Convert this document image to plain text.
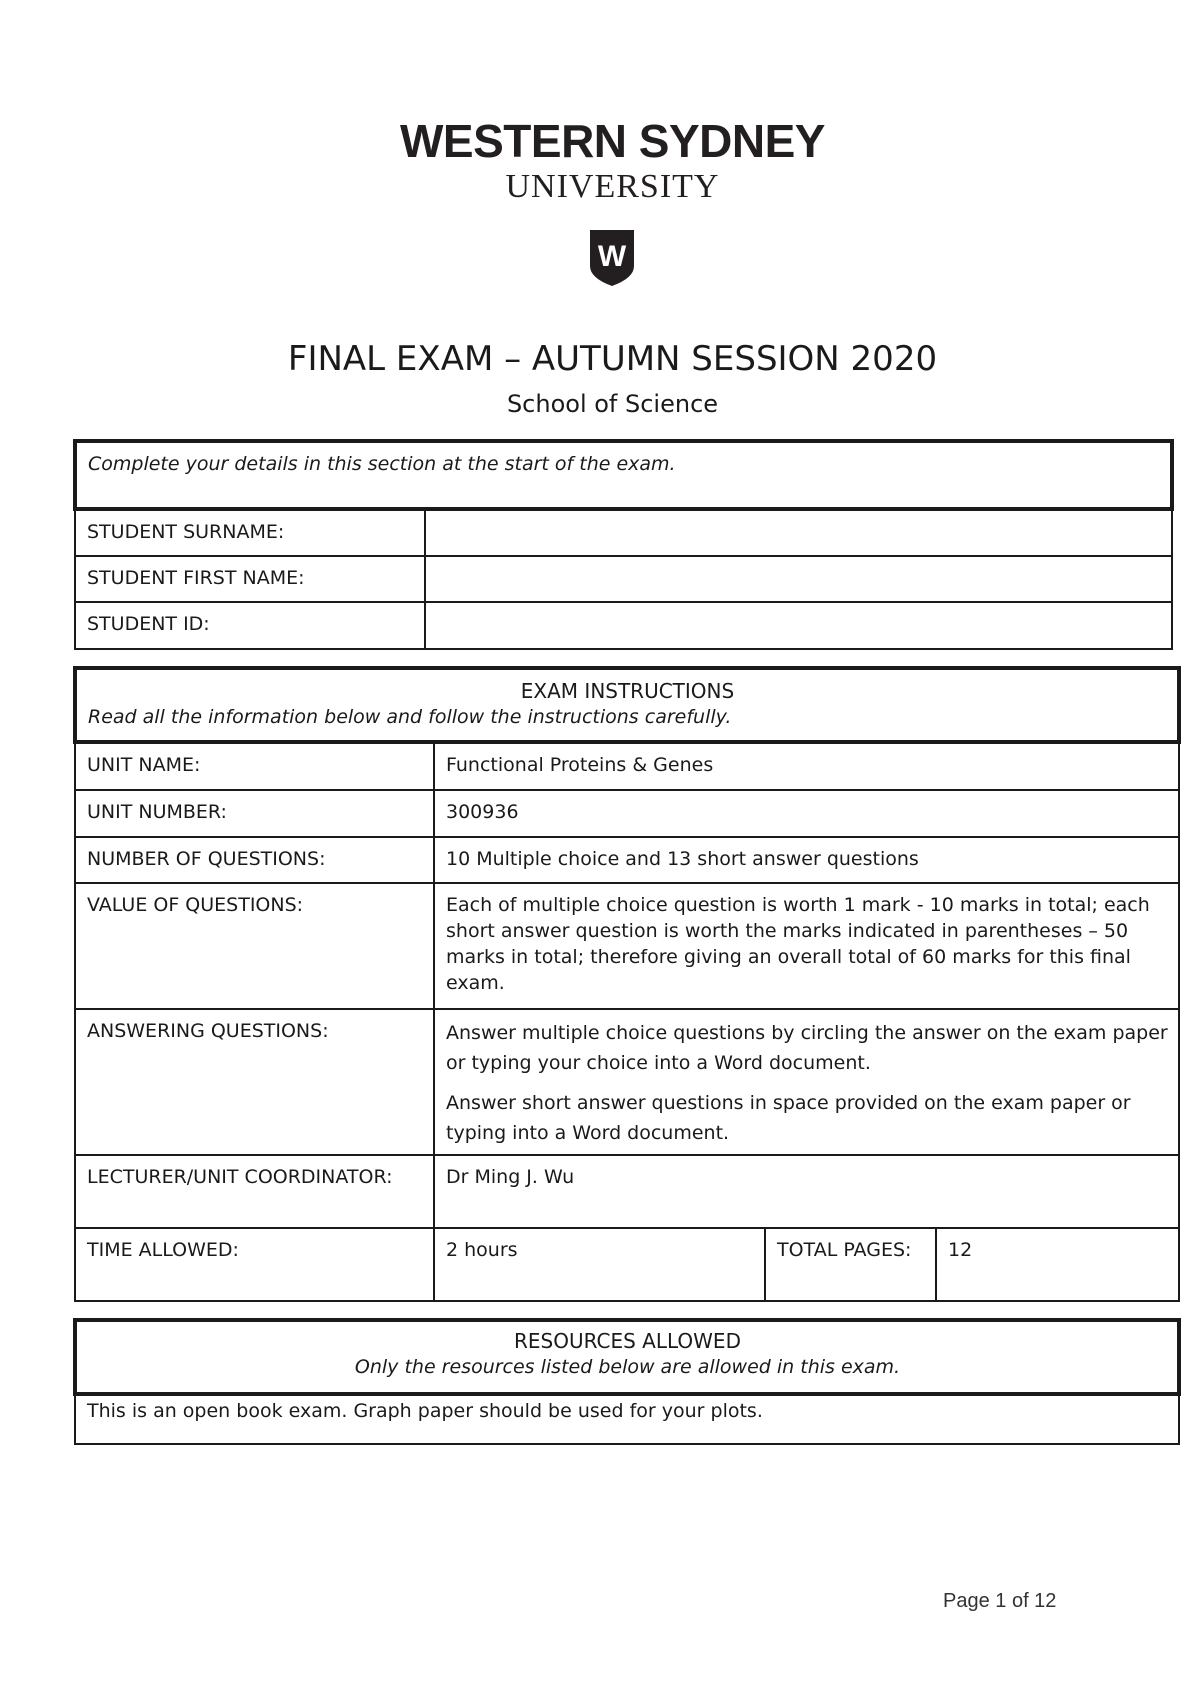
WESTERN SYDNEY
UNIVERSITY
W
FINAL EXAM – AUTUMN SESSION 2020
School of Science
Complete your details in this section at the start of the exam.	
STUDENT SURNAME:	
STUDENT FIRST NAME:	
STUDENT ID:	
EXAM INSTRUCTIONS
Read all the information below and follow the instructions carefully.			

UNIT NAME:	Functional Proteins & Genes		
UNIT NUMBER:	300936		
NUMBER OF QUESTIONS:	10 Multiple choice and 13 short answer questions		
VALUE OF QUESTIONS:	Each of multiple choice question is worth 1 mark - 10 marks in total; each short answer question is worth the marks indicated in parentheses – 50 marks in total; therefore giving an overall total of 60 marks for this final exam.		
ANSWERING QUESTIONS:	Answer multiple choice questions by circling the answer on the exam paper or typing your choice into a Word document.

Answer short answer questions in space provided on the exam paper or typing into a Word document.		

LECTURER/UNIT COORDINATOR:	Dr Ming J. Wu		
TIME ALLOWED:	2 hours	TOTAL PAGES:	12
RESOURCES ALLOWED
Only the resources listed below are allowed in this exam.

This is an open book exam. Graph paper should be used for your plots.
Page 1 of 12
